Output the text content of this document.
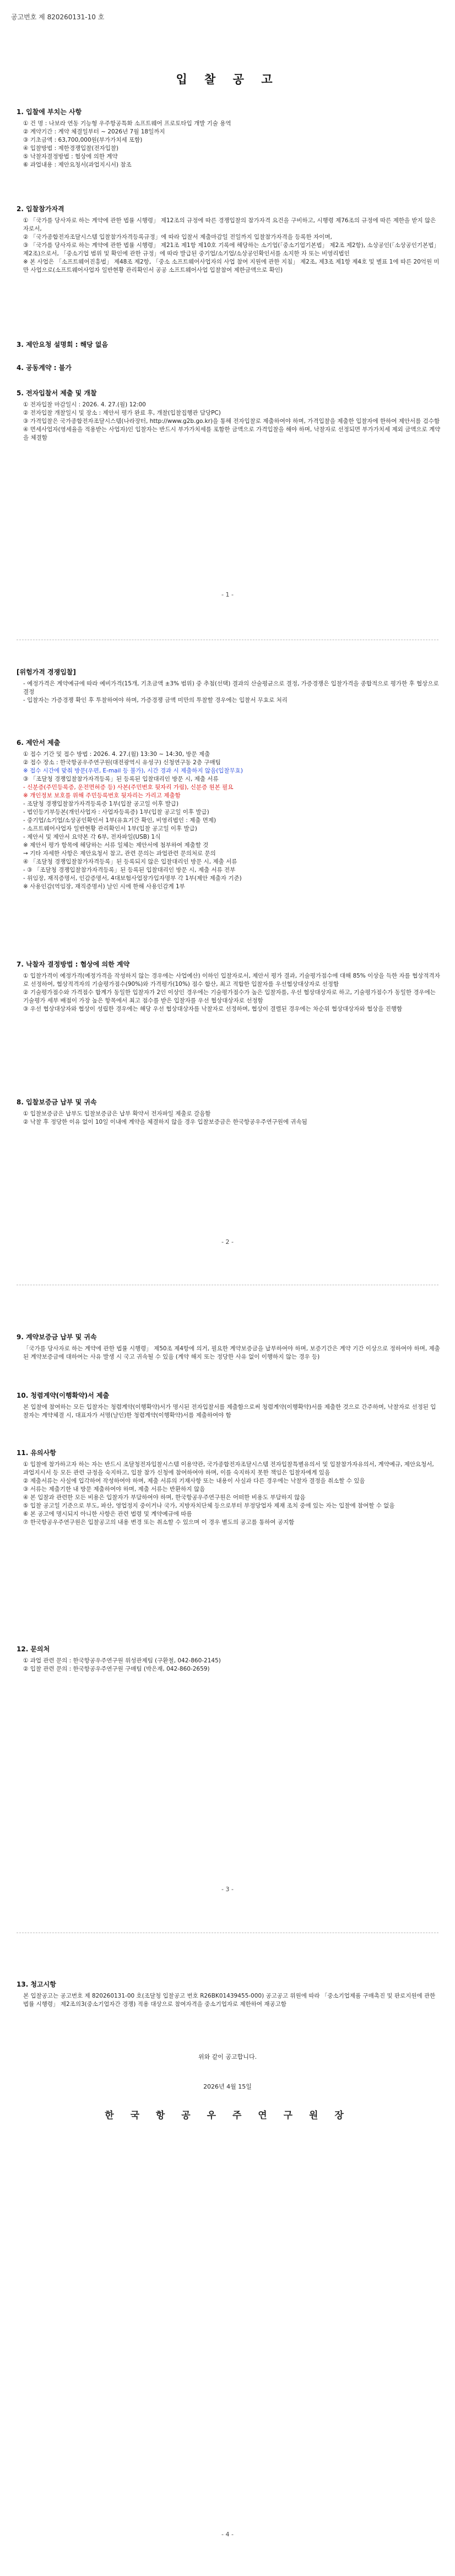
공고번호 제 820260131-10 호
입 찰 공 고
1. 입찰에 부치는 사항
① 건 명 : 나보라 연동 기능형 우주항공특화 소프트웨어 프로토타입 개발 기술 용역
② 계약기간 : 계약 체결일부터 ~ 2026년 7월 18일까지
③ 기초금액 : 63,700,000원(부가가치세 포함)
④ 입찰방법 : 제한경쟁입찰(전자입찰)
⑤ 낙찰자결정방법 : 협상에 의한 계약
⑥ 과업내용 : 제안요청서(과업지시서) 참조
2. 입찰참가자격
① 「국가를 당사자로 하는 계약에 관한 법률 시행령」 제12조의 규정에 따른 경쟁입찰의 참가자격 요건을 구비하고, 시행령 제76조의 규정에 따른 제한을 받지 않은 자로서,
② 「국가종합전자조달시스템 입찰참가자격등록규정」에 따라 입찰서 제출마감일 전일까지 입찰참가자격을 등록한 자이며,
③ 「국가를 당사자로 하는 계약에 관한 법률 시행령」 제21조 제1항 제10호 기록에 해당하는 소기업(「중소기업기본법」 제2조 제2항), 소상공인(「소상공인기본법」 제2조)으로서, 「중소기업 범위 및 확인에 관한 규정」에 따라 발급된 중기업/소기업/소상공인확인서를 소지한 자 또는 비영리법인
※ 본 사업은 「소프트웨어진흥법」 제48조 제2항, 「중소 소프트웨어사업자의 사업 참여 지원에 관한 지침」 제2조, 제3조 제1항 제4호 및 별표 1에 따른 20억원 미만 사업으로(소프트웨어사업자 일반현황 관리확인서 공공 소프트웨어사업 입찰참여 제한금액으로 확인)
3. 제안요청 설명회 : 해당 없음
4. 공동계약 : 불가
5. 전자입찰서 제출 및 개찰
① 전자입찰 마감일시 : 2026. 4. 27.(월) 12:00
② 전자입찰 개찰일시 및 장소 : 제안서 평가 완료 후, 개찰(입찰집행관 담당PC)
③ 가격입찰은 국가종합전자조달시스템(나라장터, http://www.g2b.go.kr)을 통해 전자입찰로 제출하여야 하며, 가격입찰을 제출한 입찰자에 한하여 제안서를 검수함
④ 면세사업자(영세율을 적용받는 사업자)인 입찰자는 반드시 부가가치세를 포함한 금액으로 가격입찰을 해야 하며, 낙찰자로 선정되면 부가가치세 제외 금액으로 계약을 체결함
- 1 -
[위험가격 경쟁입찰]
- 예정가격은 계약예규에 따라 예비가격(15개, 기초금액 ±3% 범위) 중 추첨(선택) 결과의 산술평균으로 결정, 가증경쟁은 입찰가격을 종합적으로 평가한 후 협상으로 결정
- 입찰자는 가증경쟁 확인 후 투찰하여야 하며, 가증경쟁 금액 미만의 투찰할 경우에는 입찰서 무효로 처리
6. 제안서 제출
① 접수 기간 및 접수 방법 : 2026. 4. 27.(월) 13:30 ~ 14:30, 방문 제출
② 접수 장소 : 한국항공우주연구원(대전광역시 유성구) 신청연구동 2층 구매팀
※ 접수 시간에 맞춰 방문(우편, E-mail 등 불가), 시간 경과 시 제출하지 않음(입찰무효)
③ 「조달청 경쟁입찰참가자격등록」된 등록된 입찰대리인 방문 시, 제출 서류
- 신분증(주민등록증, 운전면허증 등) 사본(주민번호 뒷자리 가림), 신분증 원본 필요
※ 개인정보 보호를 위해 주민등록번호 뒷자리는 가리고 제출함
- 조달청 경쟁입찰참가자격등록증 1부(입찰 공고일 이후 발급)
- 법인등기부등본(개인사업자 : 사업자등록증) 1부(입찰 공고일 이후 발급)
- 중기업/소기업/소상공인확인서 1부(유효기간 확인, 비영리법인 : 제출 면제)
- 소프트웨어사업자 일반현황 관리확인서 1부(입찰 공고일 이후 발급)
- 제안서 및 제안서 요약본 각 6부, 전자파일(USB) 1식
※ 제안서 평가 항목에 해당하는 서류 일체는 제안서에 첨부하여 제출할 것
→ 기타 자세한 사항은 제안요청서 참고, 관련 문의는 과업관련 문의처로 문의
④ 「조달청 경쟁입찰참가자격등록」된 등록되지 않은 입찰대리인 방문 시, 제출 서류
- ③ 「조달청 경쟁입찰참가자격등록」된 등록된 입찰대리인 방문 시, 제출 서류 전부
- 위임장, 재직증명서, 인감증명서, 4대보험사업장가입자명부 각 1부(제안 제출자 기준)
※ 사용인감(역임장, 재직증명서) 날인 시에 한해 사용인감계 1부
7. 낙찰자 결정방법 : 협상에 의한 계약
① 입찰가격이 예정가격(예정가격을 작성하지 않는 경우에는 사업예산) 이하인 입찰자로서, 제안서 평가 결과, 기술평가점수에 대해 85% 이상을 득한 자를 협상적격자로 선정하여, 협상적격자의 기술평가점수(90%)와 가격평가(10%) 점수 합산, 최고 적합한 입찰자를 우선협상대상자로 선정함
② 기술평가점수와 가격점수 합계가 동일한 입찰자가 2인 이상인 경우에는 기술평가점수가 높은 입찰자를, 우선 협상대상자로 하고, 기술평가점수가 동일한 경우에는 기술평가 세부 배점이 가장 높은 항목에서 최고 점수를 받은 입찰자를 우선 협상대상자로 선정함
③ 우선 협상대상자와 협상이 성립한 경우에는 해당 우선 협상대상자를 낙찰자로 선정하며, 협상이 결렬된 경우에는 차순위 협상대상자와 협상을 진행함
8. 입찰보증금 납부 및 귀속
① 입찰보증금은 납부도 입찰보증금은 납부 확약서 전자파일 제출로 갈음함
② 낙찰 후 정당한 이유 없이 10일 이내에 계약을 체결하지 않을 경우 입찰보증금은 한국항공우주연구원에 귀속됨
- 2 -
9. 계약보증금 납부 및 귀속
「국가를 당사자로 하는 계약에 관한 법률 시행령」 제50조 제4항에 의거, 필요한 계약보증금을 납부하여야 하며, 보증기간은 계약 기간 이상으로 정하여야 하며, 제출된 계약보증금에 대하여는 사유 발생 시 국고 귀속될 수 있음 (계약 해지 또는 정당한 사유 없이 이행하지 않는 경우 등)
10. 청렴계약(이행확약)서 제출
본 입찰에 참여하는 모든 입찰자는 청렴계약(이행확약)서가 명시된 전자입찰서를 제출함으로써 청렴계약(이행확약)서를 제출한 것으로 간주하며, 낙찰자로 선정된 입찰자는 계약체결 시, 대표자가 서명(날인)한 청렴계약(이행확약)서를 제출하여야 함
11. 유의사항
① 입찰에 참가하고자 하는 자는 반드시 조달청전자입찰시스템 이용약관, 국가종합전자조달시스템 전자입찰특별유의서 및 입찰참가자유의서, 계약예규, 제안요청서, 과업지시서 등 모든 관련 규정을 숙지하고, 입찰 참가 신청에 참여하여야 하며, 이를 숙지하지 못한 책임은 입찰자에게 있음
② 제출서류는 사실에 입각하여 작성하여야 하며, 제출 서류의 기재사항 또는 내용이 사실과 다른 경우에는 낙찰자 결정을 취소할 수 있음
③ 서류는 제출기한 내 방문 제출하여야 하며, 제출 서류는 반환하지 않음
④ 본 입찰과 관련한 모든 비용은 입찰자가 부담하여야 하며, 한국항공우주연구원은 어떠한 비용도 부담하지 않음
⑤ 입찰 공고일 기준으로 부도, 파산, 영업정지 중이거나 국가, 지방자치단체 등으로부터 부정당업자 제재 조치 중에 있는 자는 입찰에 참여할 수 없음
⑥ 본 공고에 명시되지 아니한 사항은 관련 법령 및 계약예규에 따름
⑦ 한국항공우주연구원은 입찰공고의 내용 변경 또는 취소할 수 있으며 이 경우 별도의 공고를 통하여 공지함
12. 문의처
① 과업 관련 문의 : 한국항공우주연구원 위성관제팀 (구환철, 042-860-2145)
② 입찰 관련 문의 : 한국항공우주연구원 구매팀 (박은재, 042-860-2659)
- 3 -
13. 청고시항
본 입찰공고는 공고번호 제 820260131-00 호(조달청 입찰공고 번호 R26BK01439455-000) 공고공고 위원에 따라 「중소기업제품 구매촉진 및 판로지원에 관한 법률 시행령」 제2조의3(중소기업자간 경쟁) 적용 대상으로 참여자격을 중소기업자로 제한하여 재공고함
위와 같이 공고합니다.
2026년 4월 15일
한 국 항 공 우 주 연 구 원 장
- 4 -
